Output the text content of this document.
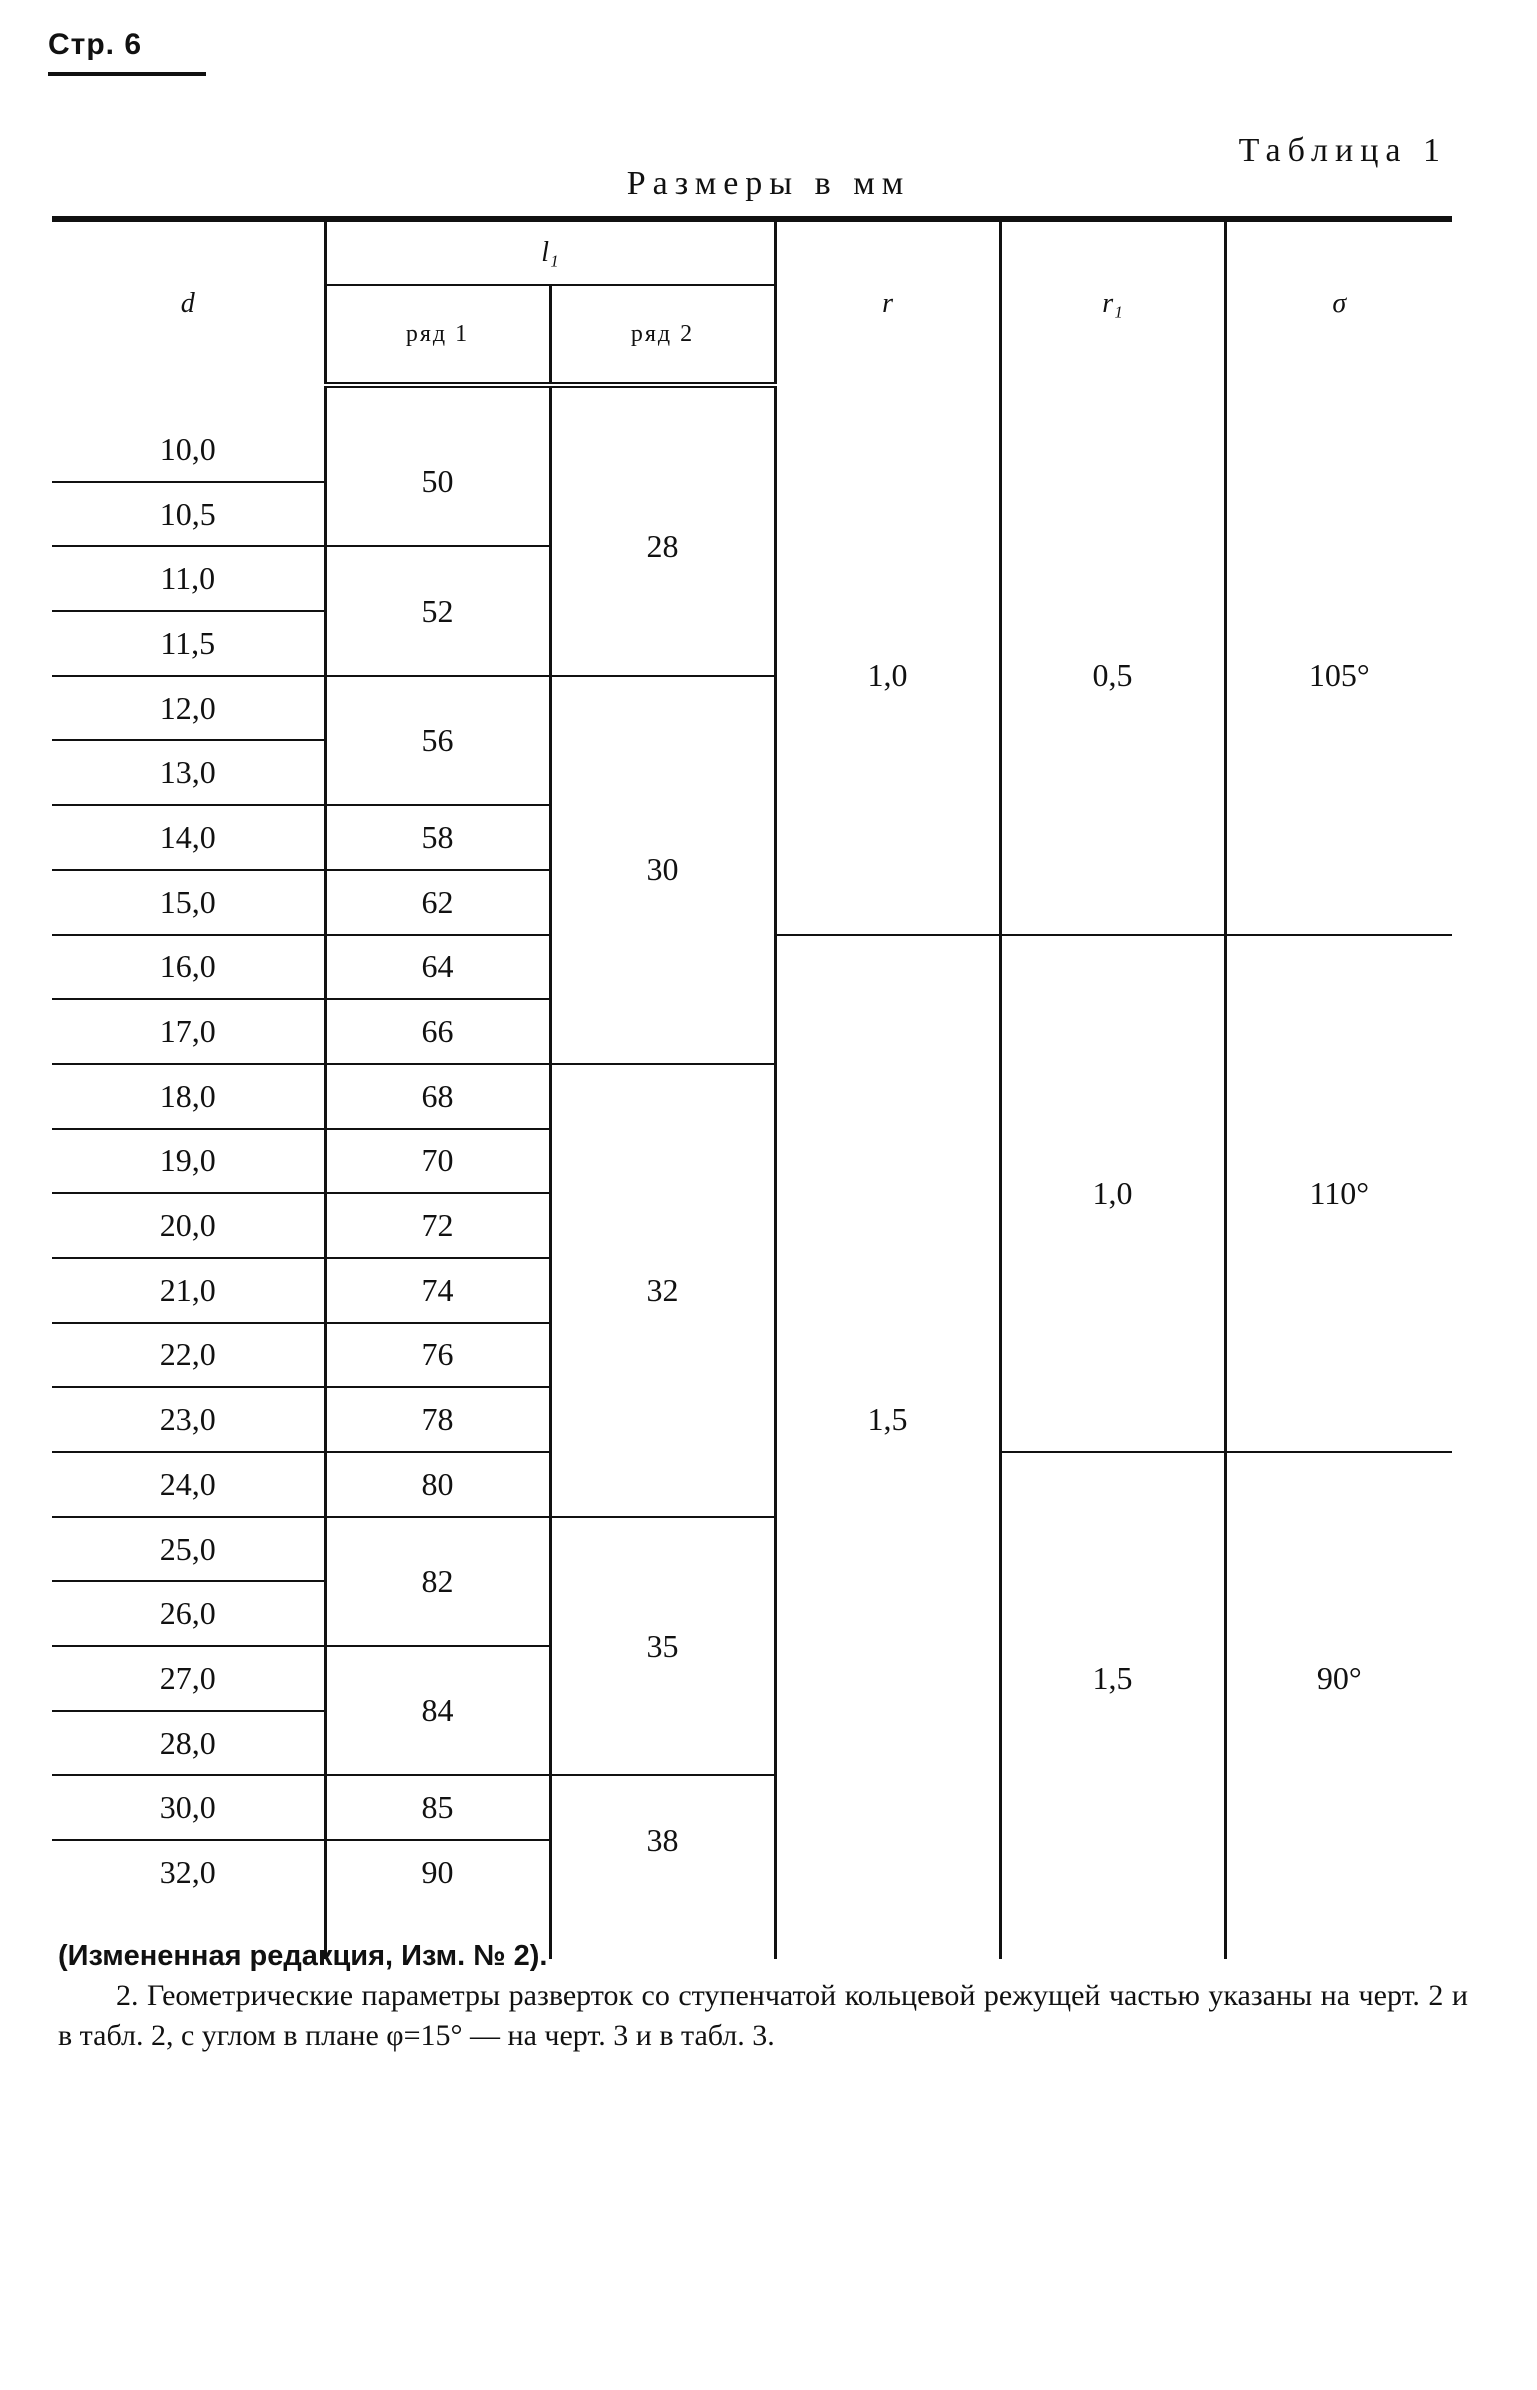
Стр. 6
Таблица 1
Размеры в мм
d	l₁		r	r₁	σ
	ряд 1	ряд 2			

10,0	50	28	1,0	0,5	105°
10,5					
11,0	52				
11,5					
12,0	56	30			
13,0					
14,0	58				
15,0	62				
16,0	64		1,5	1,0	110°
17,0	66				
18,0	68	32			
19,0	70				
20,0	72				
21,0	74				
22,0	76				
23,0	78				
24,0	80			1,5	90°
25,0	82	35			
26,0					
27,0	84				
28,0					
30,0	85	38			
32,0	90				

(Измененная редакция, Изм. № 2).

2. Геометрические параметры разверток со ступенчатой кольцевой режущей частью указаны на черт. 2 и в табл. 2, с углом в плане φ=15° — на черт. 3 и в табл. 3.
